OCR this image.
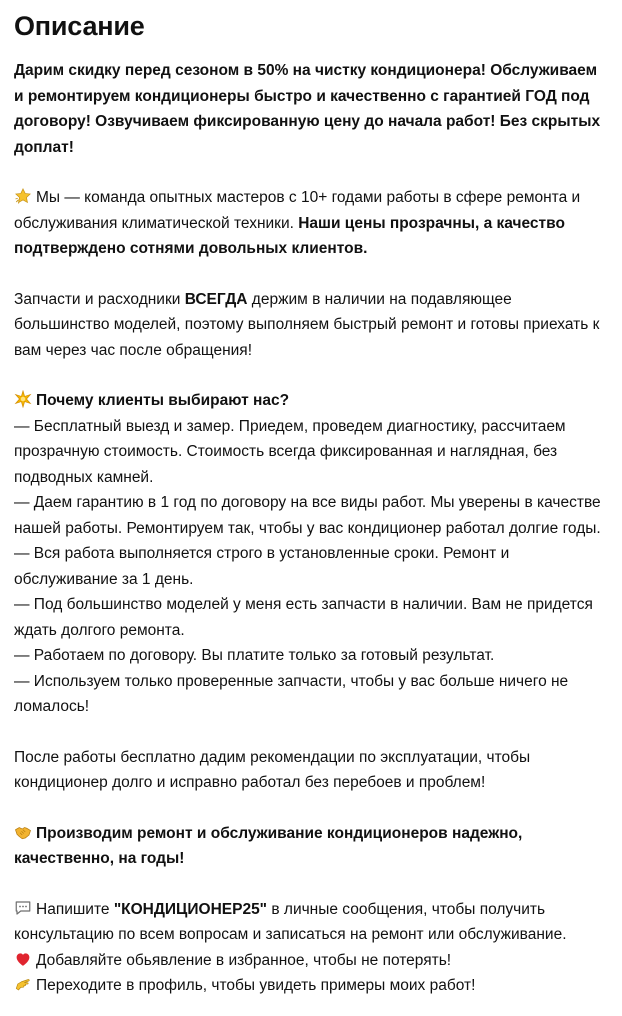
Описание

Дарим скидку перед сезоном в 50% на чистку кондиционера! Обслуживаем и ремонтируем кондиционеры быстро и качественно с гарантией ГОД под договору! Озвучиваем фиксированную цену до начала работ! Без скрытых доплат!

Мы — команда опытных мастеров с 10+ годами работы в сфере ремонта и обслуживания климатической техники. Наши цены прозрачны, а качество подтверждено сотнями довольных клиентов.

Запчасти и расходники ВСЕГДА держим в наличии на подавляющее большинство моделей, поэтому выполняем быстрый ремонт и готовы приехать к вам через час после обращения!

Почему клиенты выбирают нас?

— Бесплатный выезд и замер. Приедем, проведем диагностику, рассчитаем прозрачную стоимость. Стоимость всегда фиксированная и наглядная, без подводных камней.
— Даем гарантию в 1 год по договору на все виды работ. Мы уверены в качестве нашей работы. Ремонтируем так, чтобы у вас кондиционер работал долгие годы.
— Вся работа выполняется строго в установленные сроки. Ремонт и обслуживание за 1 день.
— Под большинство моделей у меня есть запчасти в наличии. Вам не придется ждать долгого ремонта.
— Работаем по договору. Вы платите только за готовый результат.
— Используем только проверенные запчасти, чтобы у вас больше ничего не ломалось!

После работы бесплатно дадим рекомендации по эксплуатации, чтобы кондиционер долго и исправно работал без перебоев и проблем!

Производим ремонт и обслуживание кондиционеров надежно, качественно, на годы!

Напишите "КОНДИЦИОНЕР25" в личные сообщения, чтобы получить консультацию по всем вопросам и записаться на ремонт или обслуживание.

Добавляйте обьявление в избранное, чтобы не потерять!

Переходите в профиль, чтобы увидеть примеры моих работ!
